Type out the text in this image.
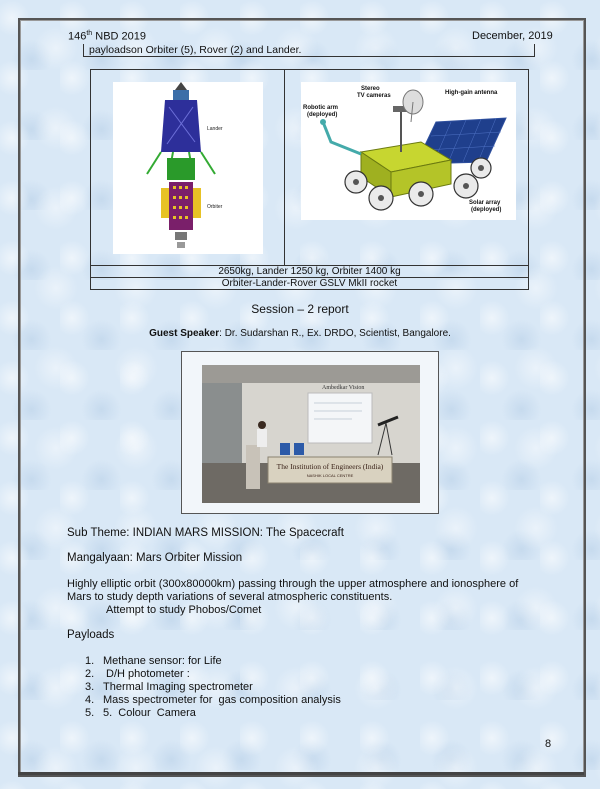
146th NBD 2019	December, 2019
payloadson Orbiter (5), Rover (2) and Lander.
Lander
Orbiter
Stereo
TV cameras	High-gain antenna
Robotic arm
(deployed)
Solar array
(deployed)
2650kg, Lander 1250 kg, Orbiter 1400 kg
Orbiter-Lander-Rover GSLV MkII rocket
Session – 2 report
Guest Speaker: Dr. Sudarshan R., Ex. DRDO, Scientist, Bangalore.
Ambedkar Vision
The Institution of Engineers (India)
NASHIK LOCAL CENTRE
Sub Theme: INDIAN MARS MISSION: The Spacecraft
Mangalyaan: Mars Orbiter Mission
Highly elliptic orbit (300x80000km) passing through the upper atmosphere and ionosphere of
Mars to study depth variations of several atmospheric constituents.
Attempt to study Phobos/Comet
Payloads
1. Methane sensor: for Life
2. D/H photometer :
3. Thermal Imaging spectrometer
4. Mass spectrometer for  gas composition analysis
5. 5.  Colour  Camera
8
